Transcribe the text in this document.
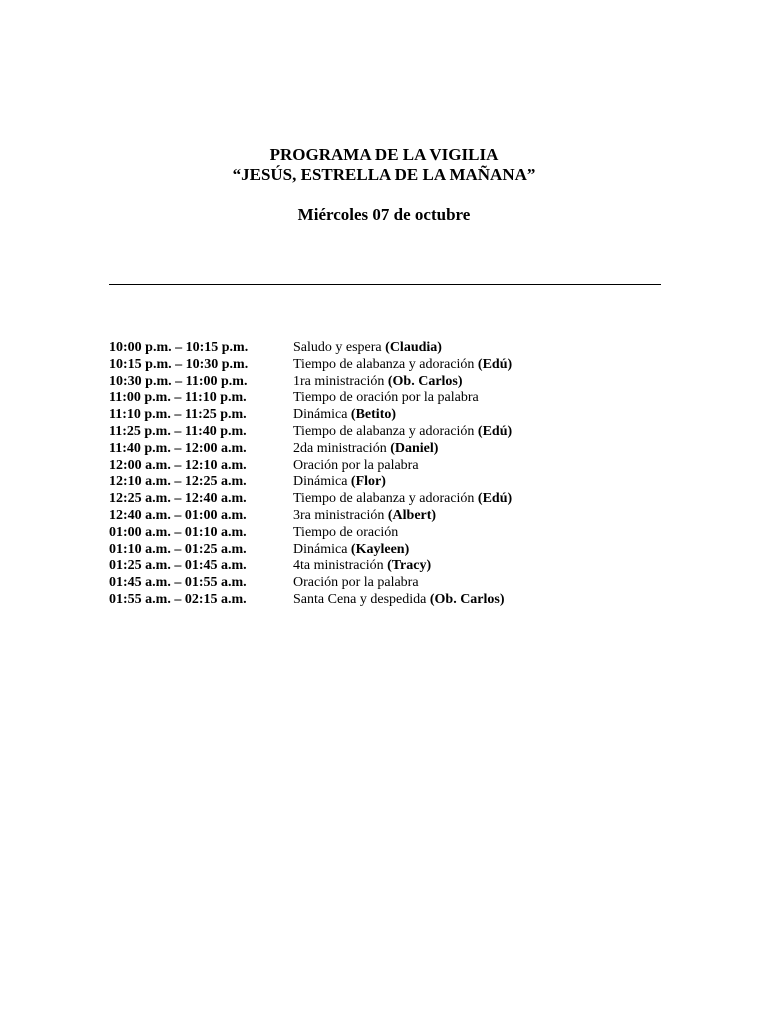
PROGRAMA DE LA VIGILIA
“JESÚS, ESTRELLA DE LA MAÑANA”
Miércoles 07 de octubre
10:00 p.m. – 10:15 p.m.	Saludo y espera (Claudia)
10:15 p.m. – 10:30 p.m.	Tiempo de alabanza y adoración (Edú)
10:30 p.m. – 11:00 p.m.	1ra ministración (Ob. Carlos)
11:00 p.m. – 11:10 p.m.	Tiempo de oración por la palabra
11:10 p.m. – 11:25 p.m.	Dinámica (Betito)
11:25 p.m. – 11:40 p.m.	Tiempo de alabanza y adoración (Edú)
11:40 p.m. – 12:00 a.m.	2da ministración (Daniel)
12:00 a.m. – 12:10 a.m.	Oración por la palabra
12:10 a.m. – 12:25 a.m.	Dinámica (Flor)
12:25 a.m. – 12:40 a.m.	Tiempo de alabanza y adoración (Edú)
12:40 a.m. – 01:00 a.m.	3ra ministración (Albert)
01:00 a.m. – 01:10 a.m.	Tiempo de oración
01:10 a.m. – 01:25 a.m.	Dinámica (Kayleen)
01:25 a.m. – 01:45 a.m.	4ta ministración (Tracy)
01:45 a.m. – 01:55 a.m.	Oración por la palabra
01:55 a.m. – 02:15 a.m.	Santa Cena y despedida (Ob. Carlos)
